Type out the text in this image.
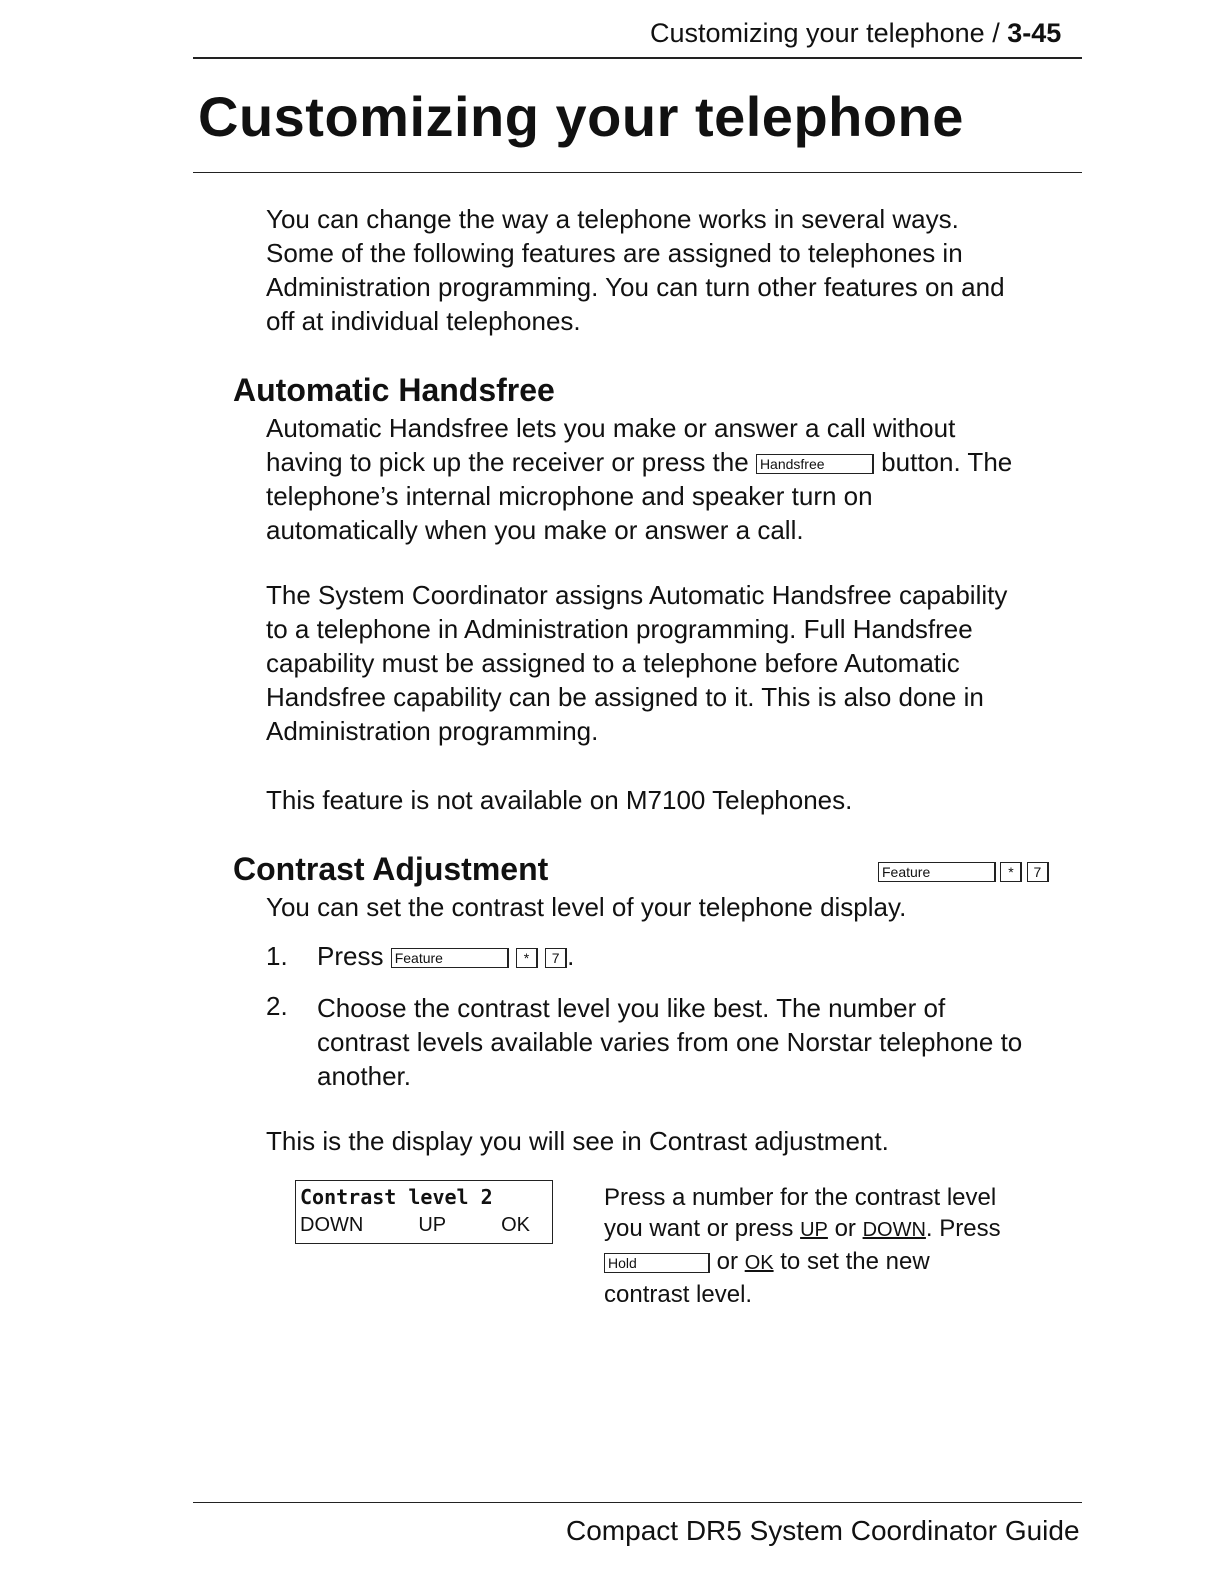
Customizing your telephone / 3-45
Customizing your telephone
You can change the way a telephone works in several ways.
Some of the following features are assigned to telephones in
Administration programming. You can turn other features on and
off at individual telephones.
Automatic Handsfree
Automatic Handsfree lets you make or answer a call without
having to pick up the receiver or press the Handsfree button. The
telephone’s internal microphone and speaker turn on
automatically when you make or answer a call.
The System Coordinator assigns Automatic Handsfree capability
to a telephone in Administration programming. Full Handsfree
capability must be assigned to a telephone before Automatic
Handsfree capability can be assigned to it. This is also done in
Administration programming.
This feature is not available on M7100 Telephones.
Contrast Adjustment	Feature	* 7
You can set the contrast level of your telephone display.
1. Press Feature	* 7 .
2. Choose the contrast level you like best. The number of
contrast levels available varies from one Norstar telephone to
another.
This is the display you will see in Contrast adjustment.
Contrast level 2
DOWN	UP	OK
Press a number for the contrast level
you want or press UP or DOWN. Press
Hold	or OK to set the new
contrast level.
Compact DR5 System Coordinator Guide
